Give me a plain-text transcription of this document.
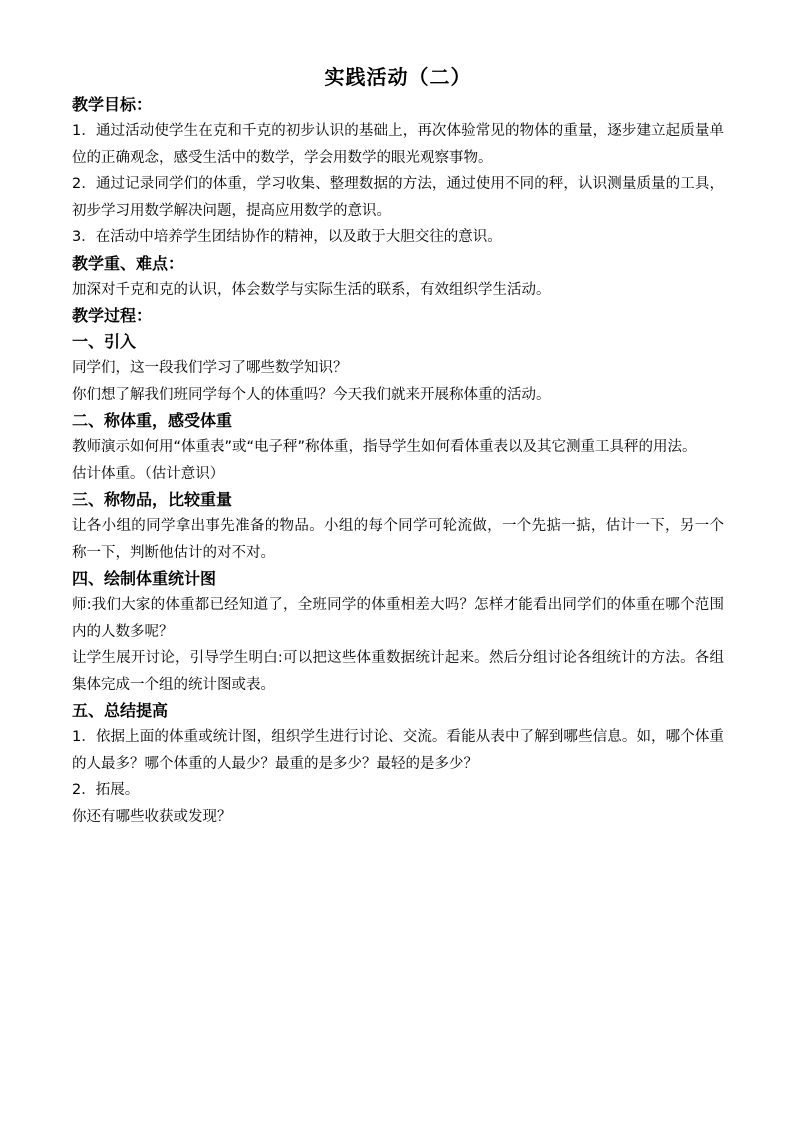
实践活动（二）
教学目标：

1．通过活动使学生在克和千克的初步认识的基础上，再次体验常见的物体的重量，逐步建立起质量单位的正确观念，感受生活中的数学，学会用数学的眼光观察事物。

2．通过记录同学们的体重，学习收集、整理数据的方法，通过使用不同的秤，认识测量质量的工具，初步学习用数学解决问题，提高应用数学的意识。

3．在活动中培养学生团结协作的精神，以及敢于大胆交往的意识。

教学重、难点：

加深对千克和克的认识，体会数学与实际生活的联系，有效组织学生活动。

教学过程：
一、引入

同学们，这一段我们学习了哪些数学知识？

你们想了解我们班同学每个人的体重吗？今天我们就来开展称体重的活动。

二、称体重，感受体重

教师演示如何用“体重表”或“电子秤”称体重，指导学生如何看体重表以及其它测重工具秤的用法。

估计体重。（估计意识）

三、称物品，比较重量

让各小组的同学拿出事先准备的物品。小组的每个同学可轮流做，一个先掂一掂，估计一下，另一个称一下，判断他估计的对不对。

四、绘制体重统计图

师:我们大家的体重都已经知道了，全班同学的体重相差大吗？怎样才能看出同学们的体重在哪个范围内的人数多呢？

让学生展开讨论，引导学生明白:可以把这些体重数据统计起来。然后分组讨论各组统计的方法。各组集体完成一个组的统计图或表。

五、总结提高

1．依据上面的体重或统计图，组织学生进行讨论、交流。看能从表中了解到哪些信息。如，哪个体重的人最多？哪个体重的人最少？最重的是多少？最轻的是多少？

2．拓展。

你还有哪些收获或发现？
